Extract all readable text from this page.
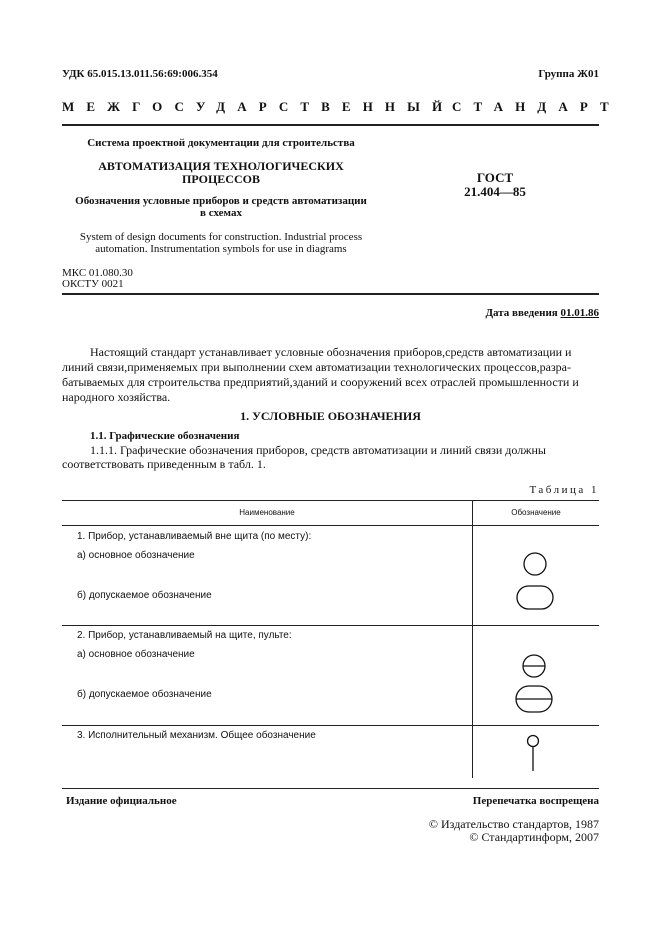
УДК 65.015.13.011.56:69:006.354	Группа Ж01
МЕЖГОСУДАРСТВЕННЫЙ
СТАНДАРТ
Система проектной документации для строительства
АВТОМАТИЗАЦИЯ ТЕХНОЛОГИЧЕСКИХ
ПРОЦЕССОВ
Обозначения условные приборов и средств автоматизации
в схемах
System of design documents for construction. Industrial process
automation. Instrumentation symbols for use in diagrams
ГОСТ
21.404—85
МКС 01.080.30
ОКСТУ 0021
Дата введения 01.01.86
Настоящий стандарт устанавливает условные обозначения приборов,средств автоматизации и
линий связи,применяемых при выполнении схем автоматизации технологических процессов,разра-
батываемых для строительства предприятий,зданий и сооружений всех отраслей промышленности и
народного хозяйства.
1. УСЛОВНЫЕ ОБОЗНАЧЕНИЯ
1.1. Графические обозначения
1.1.1. Графические обозначения приборов, средств автоматизации и линий связи должны
соответствовать приведенным в табл. 1.
Таблица 1
Наименование	Обозначение
1. Прибор, устанавливаемый вне щита (по месту):
а) основное обозначение
б) допускаемое обозначение
2. Прибор, устанавливаемый на щите, пульте:
а) основное обозначение
б) допускаемое обозначение
3. Исполнительный механизм. Общее обозначение
Издание официальное	Перепечатка воспрещена
© Издательство стандартов, 1987
© Стандартинформ, 2007
